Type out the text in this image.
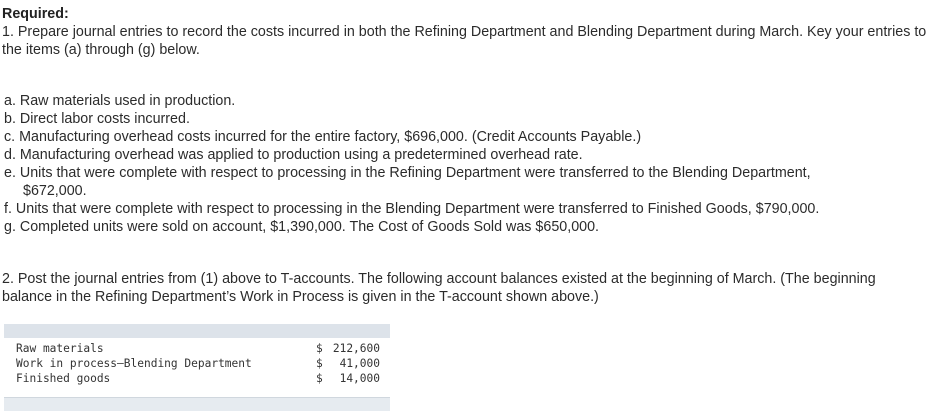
Required:
1. Prepare journal entries to record the costs incurred in both the Refining Department and Blending Department during March. Key your entries to the items (a) through (g) below.
a. Raw materials used in production.
b. Direct labor costs incurred.
c. Manufacturing overhead costs incurred for the entire factory, $696,000. (Credit Accounts Payable.)
d. Manufacturing overhead was applied to production using a predetermined overhead rate.
e. Units that were complete with respect to processing in the Refining Department were transferred to the Blending Department,
$672,000.
f. Units that were complete with respect to processing in the Blending Department were transferred to Finished Goods, $790,000.
g. Completed units were sold on account, $1,390,000. The Cost of Goods Sold was $650,000.
2. Post the journal entries from (1) above to T-accounts. The following account balances existed at the beginning of March. (The beginning balance in the Refining Department’s Work in Process is given in the T-account shown above.)
Raw materials	$ 212,600
Work in process–Blending Department	$ 41,000
Finished goods	$ 14,000
